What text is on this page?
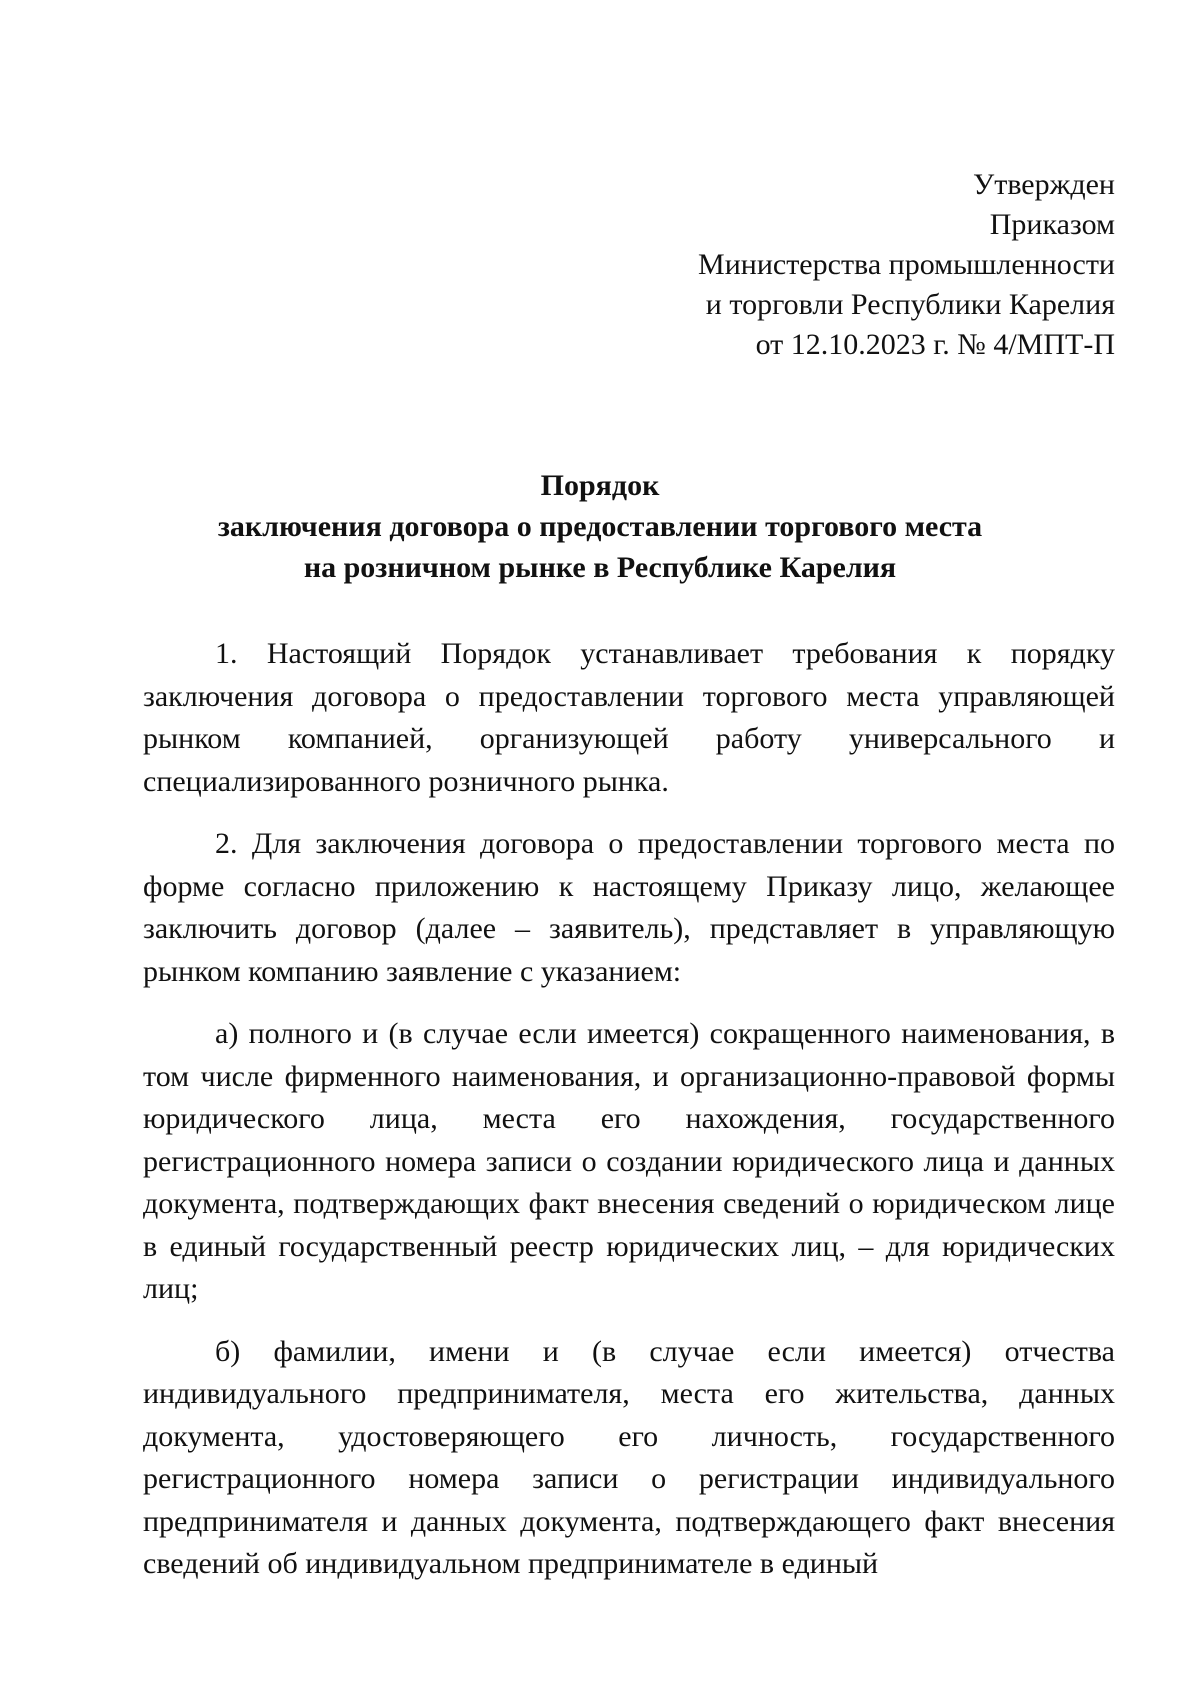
Утвержден
Приказом
Министерства промышленности
и торговли Республики Карелия
от 12.10.2023 г. № 4/МПТ-П
Порядок
заключения договора о предоставлении торгового места
на розничном рынке в Республике Карелия

1. Настоящий Порядок устанавливает требования к порядку заключения договора о предоставлении торгового места управляющей рынком компанией, организующей работу универсального и специализированного розничного рынка.

2. Для заключения договора о предоставлении торгового места по форме согласно приложению к настоящему Приказу лицо, желающее заключить договор (далее – заявитель), представляет в управляющую рынком компанию заявление с указанием:

а) полного и (в случае если имеется) сокращенного наименования, в том числе фирменного наименования, и организационно-правовой формы юридического лица, места его нахождения, государственного регистрационного номера записи о создании юридического лица и данных документа, подтверждающих факт внесения сведений о юридическом лице в единый государственный реестр юридических лиц, – для юридических лиц;

б) фамилии, имени и (в случае если имеется) отчества индивидуального предпринимателя, места его жительства, данных документа, удостоверяющего его личность, государственного регистрационного номера записи о регистрации индивидуального предпринимателя и данных документа, подтверждающего факт внесения сведений об индивидуальном предпринимателе в единый
